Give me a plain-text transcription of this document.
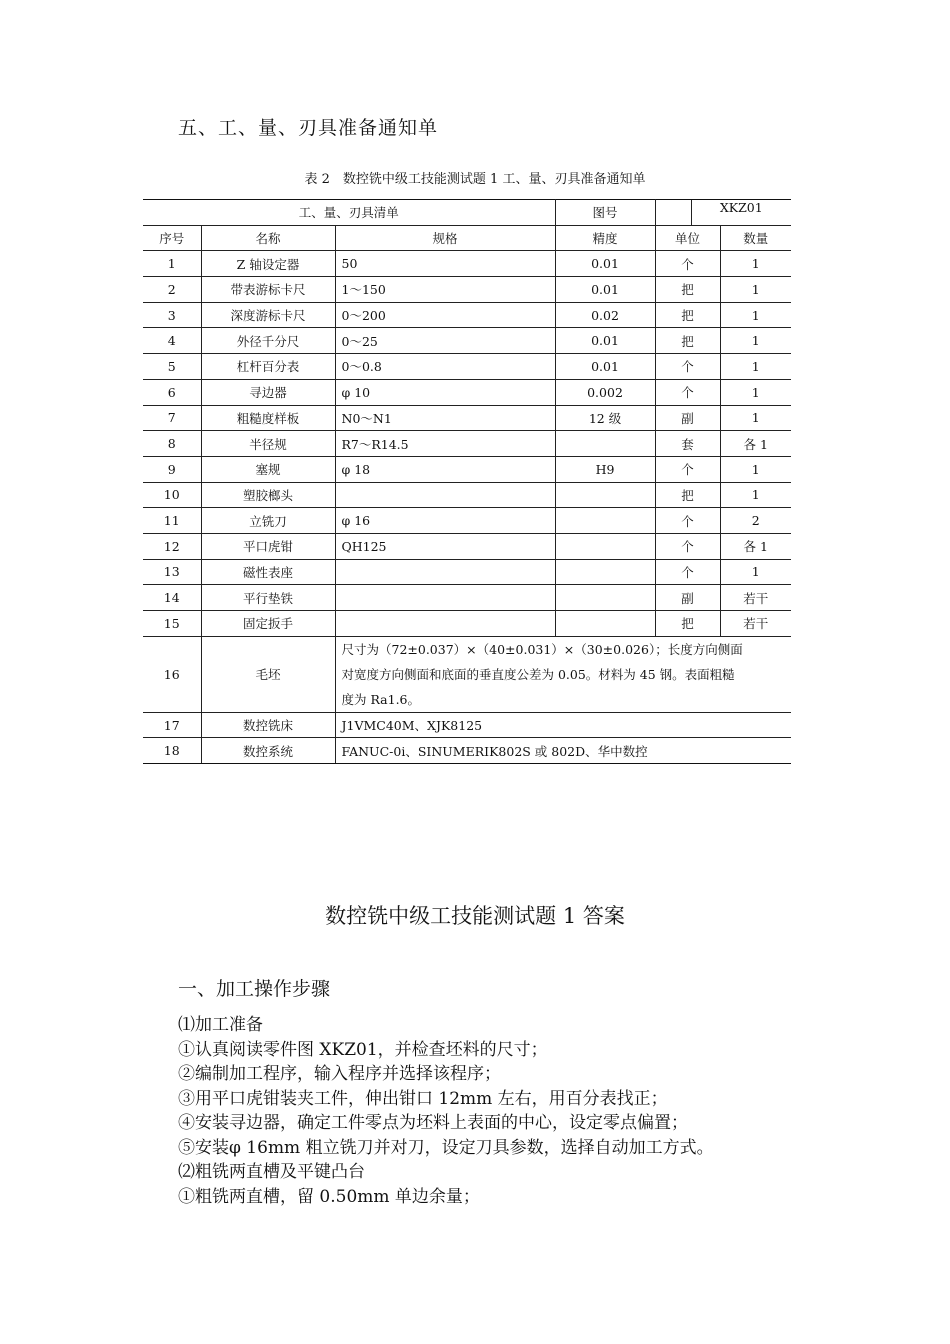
五、工、量、刃具准备通知单
表 2　数控铣中级工技能测试题 1 工、量、刃具准备通知单
工、量、刃具清单			图号	XKZ01	

序号	名称	规格	精度	单位	数量
1	Z 轴设定器	50	0.01	个	1
2	带表游标卡尺	1～150	0.01	把	1
3	深度游标卡尺	0～200	0.02	把	1
4	外径千分尺	0～25	0.01	把	1
5	杠杆百分表	0～0.8	0.01	个	1
6	寻边器	φ 10	0.002	个	1
7	粗糙度样板	N0～N1	12 级	副	1
8	半径规	R7～R14.5		套	各 1
9	塞规	φ 18	H9	个	1
10	塑胶榔头			把	1
11	立铣刀	φ 16		个	2
12	平口虎钳	QH125		个	各 1
13	磁性表座			个	1
14	平行垫铁			副	若干
15	固定扳手			把	若干
16	毛坯	尺寸为（72±0.037）×（40±0.031）×（30±0.026）；长度方向侧面
对宽度方向侧面和底面的垂直度公差为 0.05。材料为 45 钢。表面粗糙
度为 Ra1.6。			

17	数控铣床	J1VMC40M、XJK8125			
18	数控系统	FANUC-0i、SINUMERIK802S 或 802D、华中数控			
数控铣中级工技能测试题 1 答案
一、加工操作步骤
⑴加工准备
①认真阅读零件图 XKZ01，并检查坯料的尺寸；
②编制加工程序，输入程序并选择该程序；
③用平口虎钳装夹工件，伸出钳口 12mm 左右，用百分表找正；
④安装寻边器，确定工件零点为坯料上表面的中心，设定零点偏置；
⑤安装φ 16mm 粗立铣刀并对刀，设定刀具参数，选择自动加工方式。
⑵粗铣两直槽及平键凸台
①粗铣两直槽，留 0.50mm 单边余量；
